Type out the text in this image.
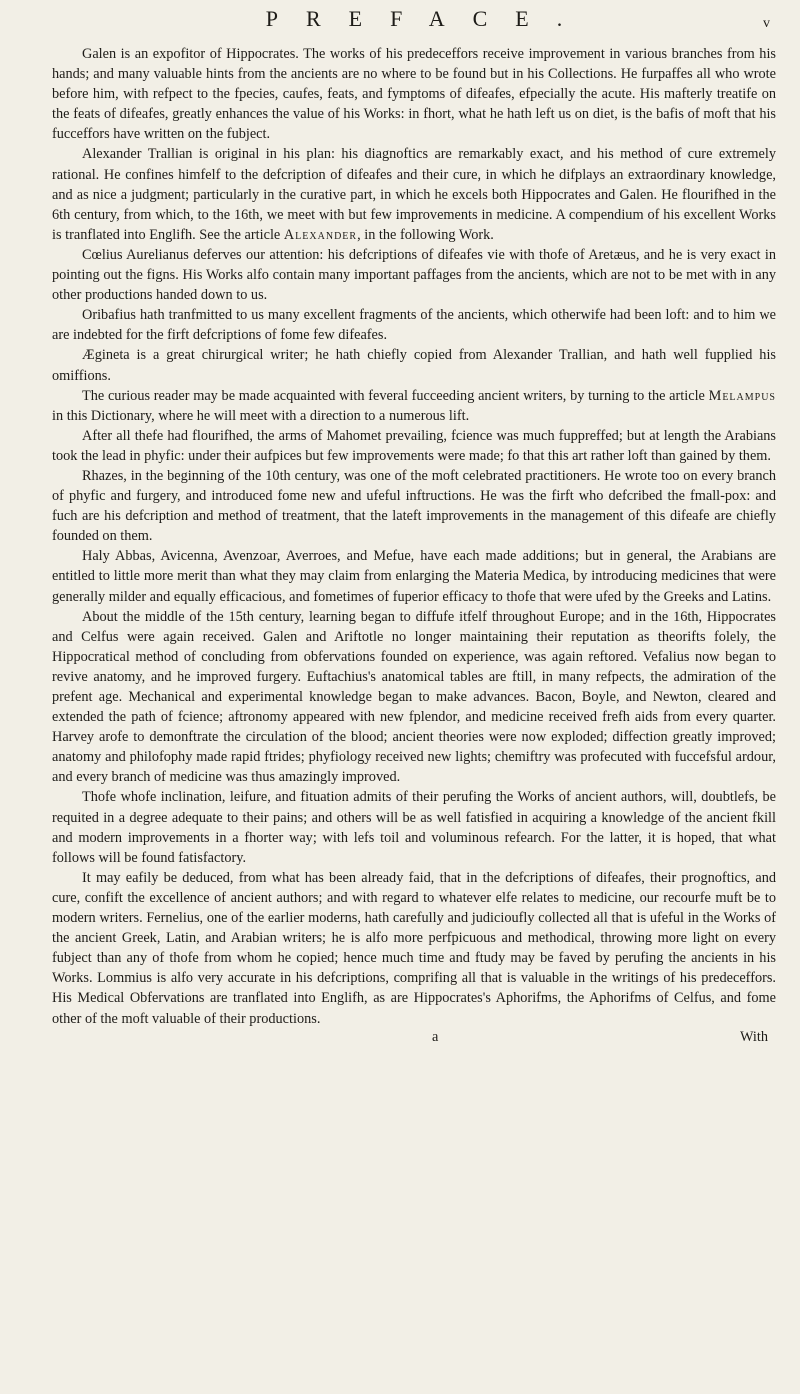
PREFACE.	v

Galen is an expofitor of Hippocrates. The works of his predeceffors receive improvement in various branches from his hands; and many valuable hints from the ancients are no where to be found but in his Collections. He furpaffes all who wrote before him, with refpect to the fpecies, caufes, feats, and fymptoms of difeafes, efpecially the acute. His mafterly treatife on the feats of difeafes, greatly enhances the value of his Works: in fhort, what he hath left us on diet, is the bafis of moft that his fucceffors have written on the fubject.

Alexander Trallian is original in his plan: his diagnoftics are remarkably exact, and his method of cure extremely rational. He confines himfelf to the defcription of difeafes and their cure, in which he difplays an extraordinary knowledge, and as nice a judgment; particularly in the curative part, in which he excels both Hippocrates and Galen. He flourifhed in the 6th century, from which, to the 16th, we meet with but few improvements in medicine. A compendium of his excellent Works is tranflated into Englifh. See the article Alexander, in the following Work.

Cœlius Aurelianus deferves our attention: his defcriptions of difeafes vie with thofe of Aretæus, and he is very exact in pointing out the figns. His Works alfo contain many important paffages from the ancients, which are not to be met with in any other productions handed down to us.

Oribafius hath tranfmitted to us many excellent fragments of the ancients, which otherwife had been loft: and to him we are indebted for the firft defcriptions of fome few difeafes.

Ægineta is a great chirurgical writer; he hath chiefly copied from Alexander Trallian, and hath well fupplied his omiffions.

The curious reader may be made acquainted with feveral fucceeding ancient writers, by turning to the article Melampus in this Dictionary, where he will meet with a direction to a numerous lift.

After all thefe had flourifhed, the arms of Mahomet prevailing, fcience was much fuppreffed; but at length the Arabians took the lead in phyfic: under their aufpices but few improvements were made; fo that this art rather loft than gained by them.

Rhazes, in the beginning of the 10th century, was one of the moft celebrated practitioners. He wrote too on every branch of phyfic and furgery, and introduced fome new and ufeful inftructions. He was the firft who defcribed the fmall-pox: and fuch are his defcription and method of treatment, that the lateft improvements in the management of this difeafe are chiefly founded on them.

Haly Abbas, Avicenna, Avenzoar, Averroes, and Mefue, have each made additions; but in general, the Arabians are entitled to little more merit than what they may claim from enlarging the Materia Medica, by introducing medicines that were generally milder and equally efficacious, and fometimes of fuperior efficacy to thofe that were ufed by the Greeks and Latins.

About the middle of the 15th century, learning began to diffufe itfelf throughout Europe; and in the 16th, Hippocrates and Celfus were again received. Galen and Ariftotle no longer maintaining their reputation as theorifts folely, the Hippocratical method of concluding from obfervations founded on experience, was again reftored. Vefalius now began to revive anatomy, and he improved furgery. Euftachius's anatomical tables are ftill, in many refpects, the admiration of the prefent age. Mechanical and experimental knowledge began to make advances. Bacon, Boyle, and Newton, cleared and extended the path of fcience; aftronomy appeared with new fplendor, and medicine received frefh aids from every quarter. Harvey arofe to demonftrate the circulation of the blood; ancient theories were now exploded; diffection greatly improved; anatomy and philofophy made rapid ftrides; phyfiology received new lights; chemiftry was profecuted with fuccefsful ardour, and every branch of medicine was thus amazingly improved.

Thofe whofe inclination, leifure, and fituation admits of their perufing the Works of ancient authors, will, doubtlefs, be requited in a degree adequate to their pains; and others will be as well fatisfied in acquiring a knowledge of the ancient fkill and modern improvements in a fhorter way; with lefs toil and voluminous refearch. For the latter, it is hoped, that what follows will be found fatisfactory.

It may eafily be deduced, from what has been already faid, that in the defcriptions of difeafes, their prognoftics, and cure, confift the excellence of ancient authors; and with regard to whatever elfe relates to medicine, our recourfe muft be to modern writers. Fernelius, one of the earlier moderns, hath carefully and judicioufly collected all that is ufeful in the Works of the ancient Greek, Latin, and Arabian writers; he is alfo more perfpicuous and methodical, throwing more light on every fubject than any of thofe from whom he copied; hence much time and ftudy may be faved by perufing the ancients in his Works. Lommius is alfo very accurate in his defcriptions, comprifing all that is valuable in the writings of his predeceffors. His Medical Obfervations are tranflated into Englifh, as are Hippocrates's Aphorifms, the Aphorifms of Celfus, and fome other of the moft valuable of their productions.

a	With
